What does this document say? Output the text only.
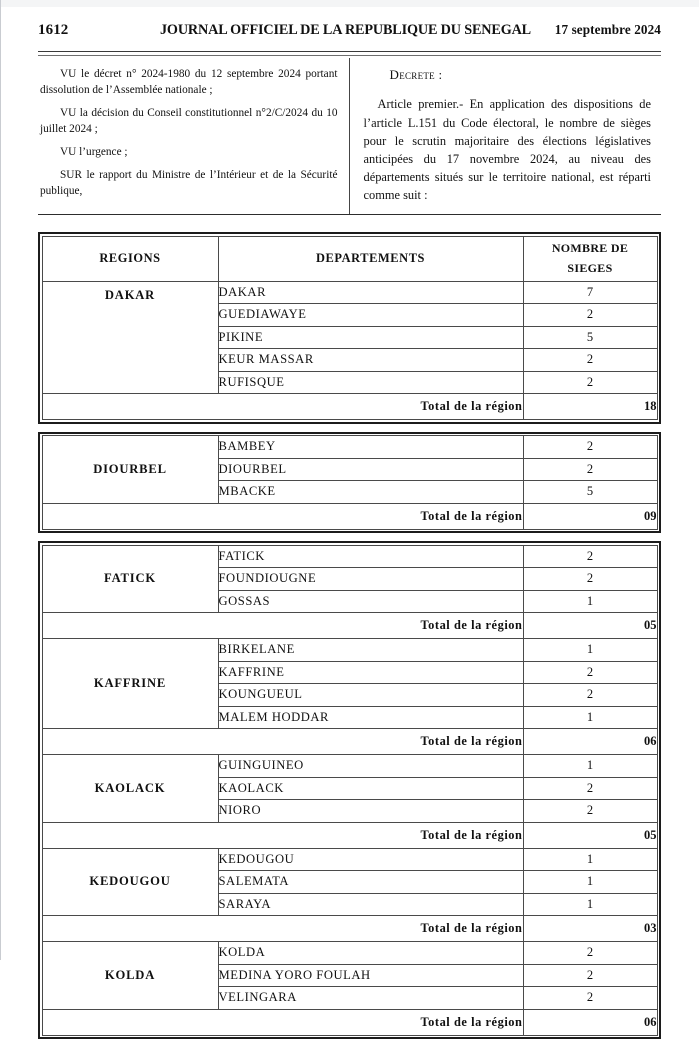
1612	JOURNAL OFFICIEL DE LA REPUBLIQUE DU SENEGAL	17 septembre 2024

VU le décret n° 2024-1980 du 12 septembre 2024 portant dissolution de l’Assemblée nationale ;

VU la décision du Conseil constitutionnel n°2/C/2024 du 10 juillet 2024 ;

VU l’urgence ;

SUR le rapport du Ministre de l’Intérieur et de la Sécurité publique,

Decrete :

Article premier.- En application des dispositions de l’article L.151 du Code électoral, le nombre de sièges pour le scrutin majoritaire des élections législatives anticipées du 17 novembre 2024, au niveau des départements situés sur le territoire national, est réparti comme suit :

REGIONS	DEPARTEMENTS	NOMBRE DE
SIEGES

DAKAR	DAKAR	7
	GUEDIAWAYE	2
	PIKINE	5
	KEUR MASSAR	2
	RUFISQUE	2
Total de la région		18
DIOURBEL	BAMBEY	2
	DIOURBEL	2
	MBACKE	5
Total de la région		09
FATICK	FATICK	2
	FOUNDIOUGNE	2
	GOSSAS	1
Total de la région		05
KAFFRINE	BIRKELANE	1
	KAFFRINE	2
	KOUNGUEUL	2
	MALEM HODDAR	1
Total de la région		06
KAOLACK	GUINGUINEO	1
	KAOLACK	2
	NIORO	2
Total de la région		05
KEDOUGOU	KEDOUGOU	1
	SALEMATA	1
	SARAYA	1
Total de la région		03
KOLDA	KOLDA	2
	MEDINA YORO FOULAH	2
	VELINGARA	2
Total de la région		06
